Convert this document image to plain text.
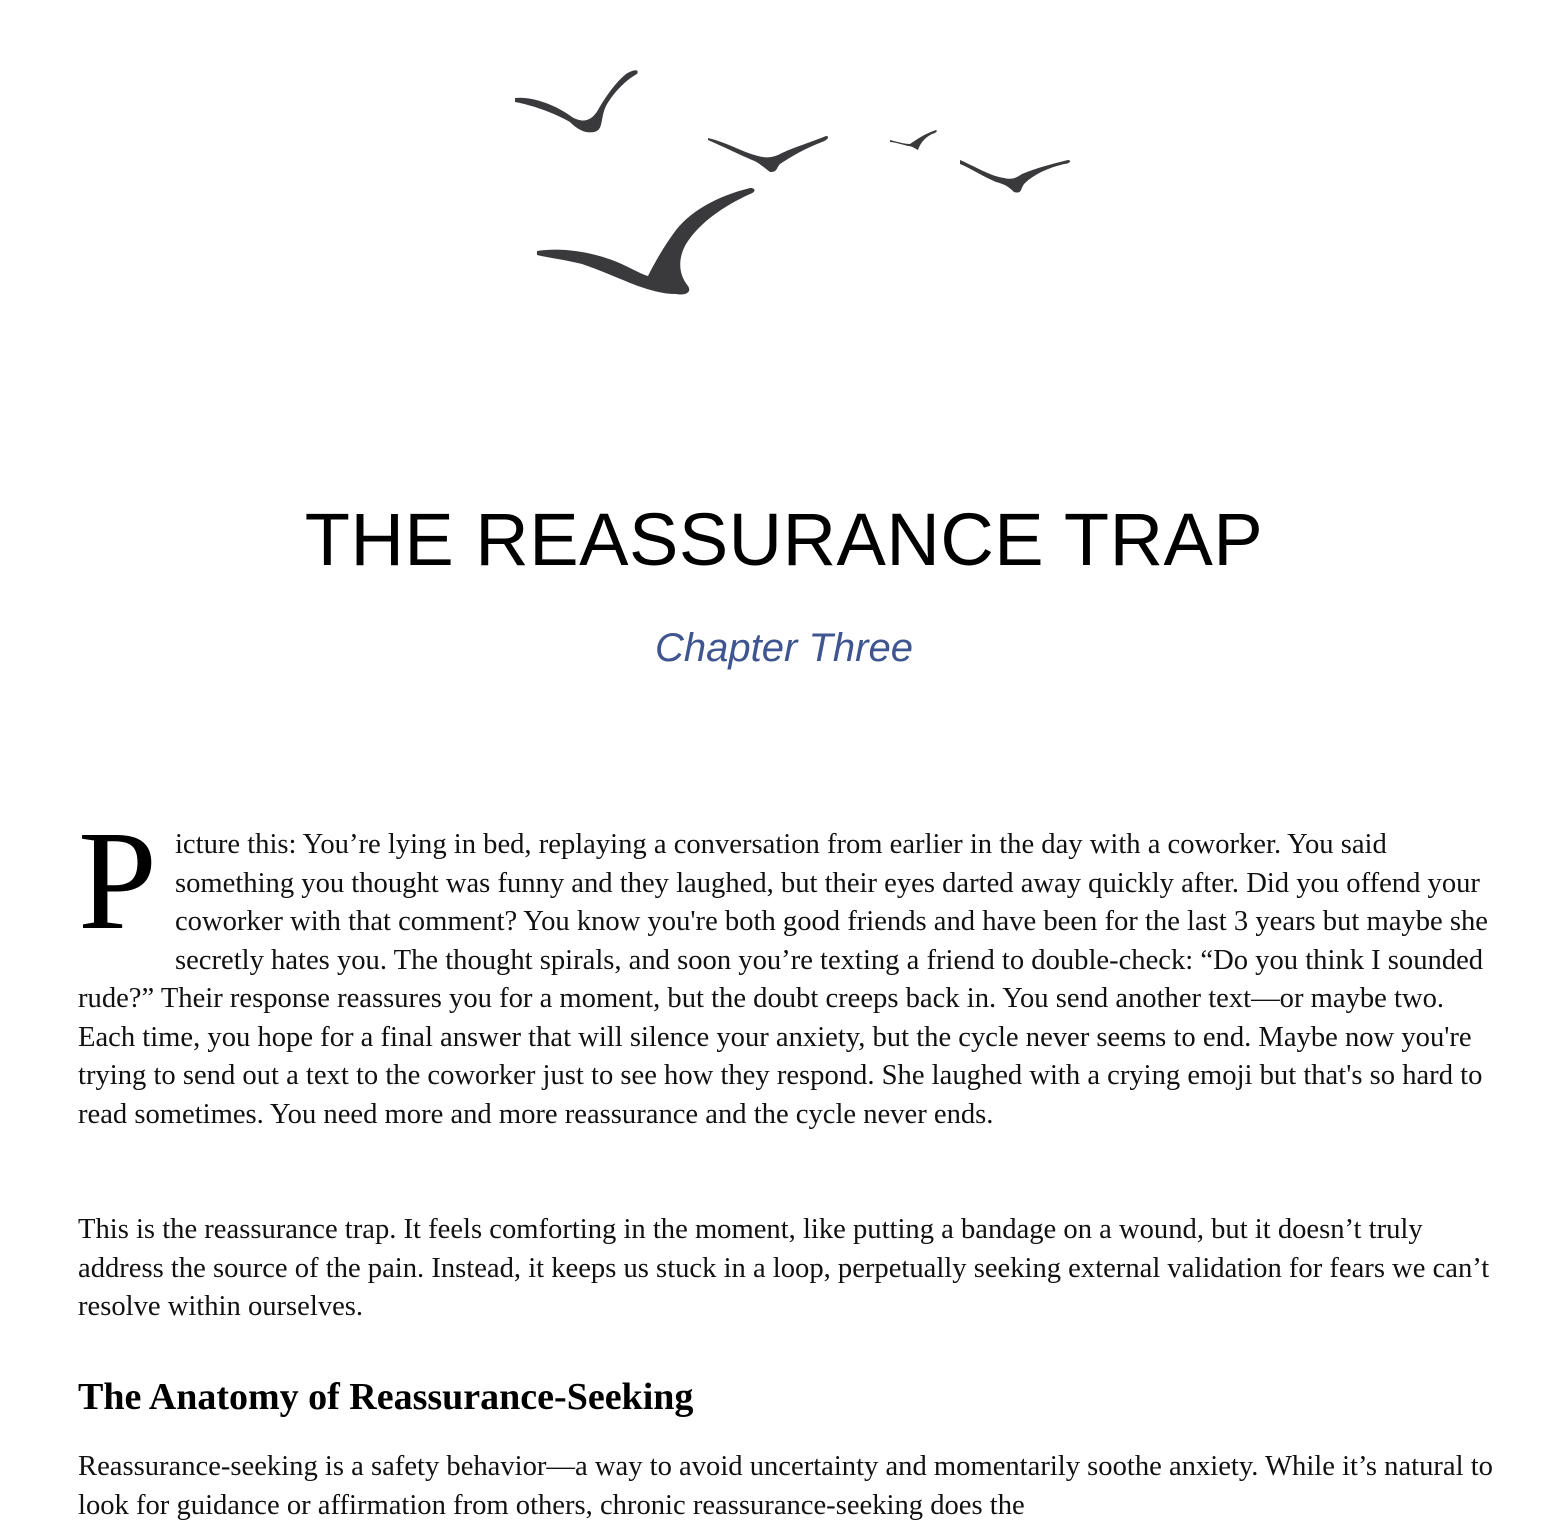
THE REASSURANCE TRAP
Chapter Three

Picture this: You’re lying in bed, replaying a conversation from earlier in the day with a coworker. You said something you thought was funny and they laughed, but their eyes darted away quickly after. Did you offend your coworker with that comment? You know you're both good friends and have been for the last 3 years but maybe she secretly hates you. The thought spirals, and soon you’re texting a friend to double-check: “Do you think I sounded rude?” Their response reassures you for a moment, but the doubt creeps back in. You send another text—or maybe two. Each time, you hope for a final answer that will silence your anxiety, but the cycle never seems to end. Maybe now you're trying to send out a text to the coworker just to see how they respond. She laughed with a crying emoji but that's so hard to read sometimes. You need more and more reassurance and the cycle never ends.

This is the reassurance trap. It feels comforting in the moment, like putting a bandage on a wound, but it doesn’t truly address the source of the pain. Instead, it keeps us stuck in a loop, perpetually seeking external validation for fears we can’t resolve within ourselves.

The Anatomy of Reassurance-Seeking

Reassurance-seeking is a safety behavior—a way to avoid uncertainty and momentarily soothe anxiety. While it’s natural to look for guidance or affirmation from others, chronic reassurance-seeking does the
